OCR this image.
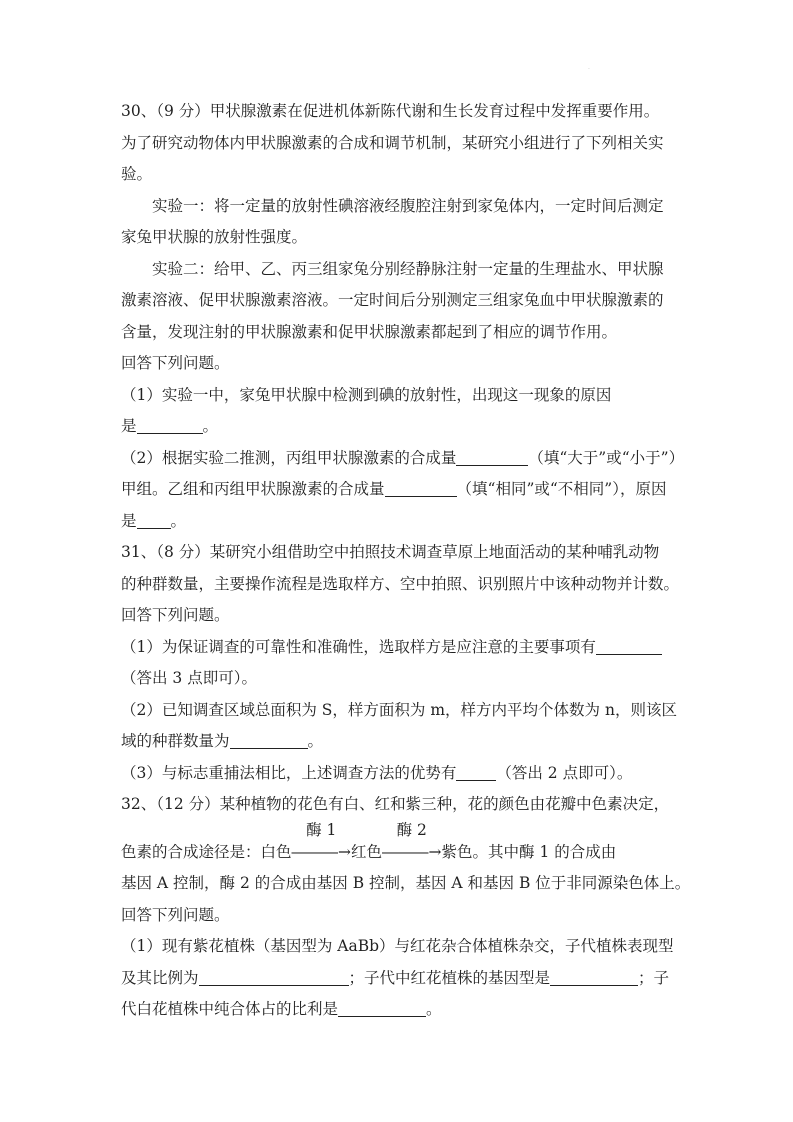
·
30、（9 分）甲状腺激素在促进机体新陈代谢和生长发育过程中发挥重要作用。
为了研究动物体内甲状腺激素的合成和调节机制，某研究小组进行了下列相关实
验。
实验一：将一定量的放射性碘溶液经腹腔注射到家兔体内，一定时间后测定
家兔甲状腺的放射性强度。
实验二：给甲、乙、丙三组家兔分别经静脉注射一定量的生理盐水、甲状腺
激素溶液、促甲状腺激素溶液。一定时间后分别测定三组家兔血中甲状腺激素的
含量，发现注射的甲状腺激素和促甲状腺激素都起到了相应的调节作用。
回答下列问题。
（1）实验一中，家兔甲状腺中检测到碘的放射性，出现这一现象的原因
是	。
（2）根据实验二推测，丙组甲状腺激素的合成量	（填“大于”或“小于”）
甲组。乙组和丙组甲状腺激素的合成量	（填“相同”或“不相同”），原因
是 。
31、（8 分）某研究小组借助空中拍照技术调查草原上地面活动的某种哺乳动物
的种群数量，主要操作流程是选取样方、空中拍照、识别照片中该种动物并计数。
回答下列问题。
（1）为保证调查的可靠性和准确性，选取样方是应注意的主要事项有
（答出 3 点即可）。
（2）已知调查区域总面积为 S，样方面积为 m，样方内平均个体数为 n，则该区
域的种群数量为	。
（3）与标志重捕法相比，上述调查方法的优势有	（答出 2 点即可）。
32、（12 分）某种植物的花色有白、红和紫三种，花的颜色由花瓣中色素决定，
色素的合成途径是：白色
酶 1
―――→红色
酶 2
―――→紫色。其中酶 1 的合成由
基因 A 控制，酶 2 的合成由基因 B 控制，基因 A 和基因 B 位于非同源染色体上。
回答下列问题。
（1）现有紫花植株（基因型为 AaBb）与红花杂合体植株杂交，子代植株表现型
及其比例为	；子代中红花植株的基因型是	；子
代白花植株中纯合体占的比利是	。
